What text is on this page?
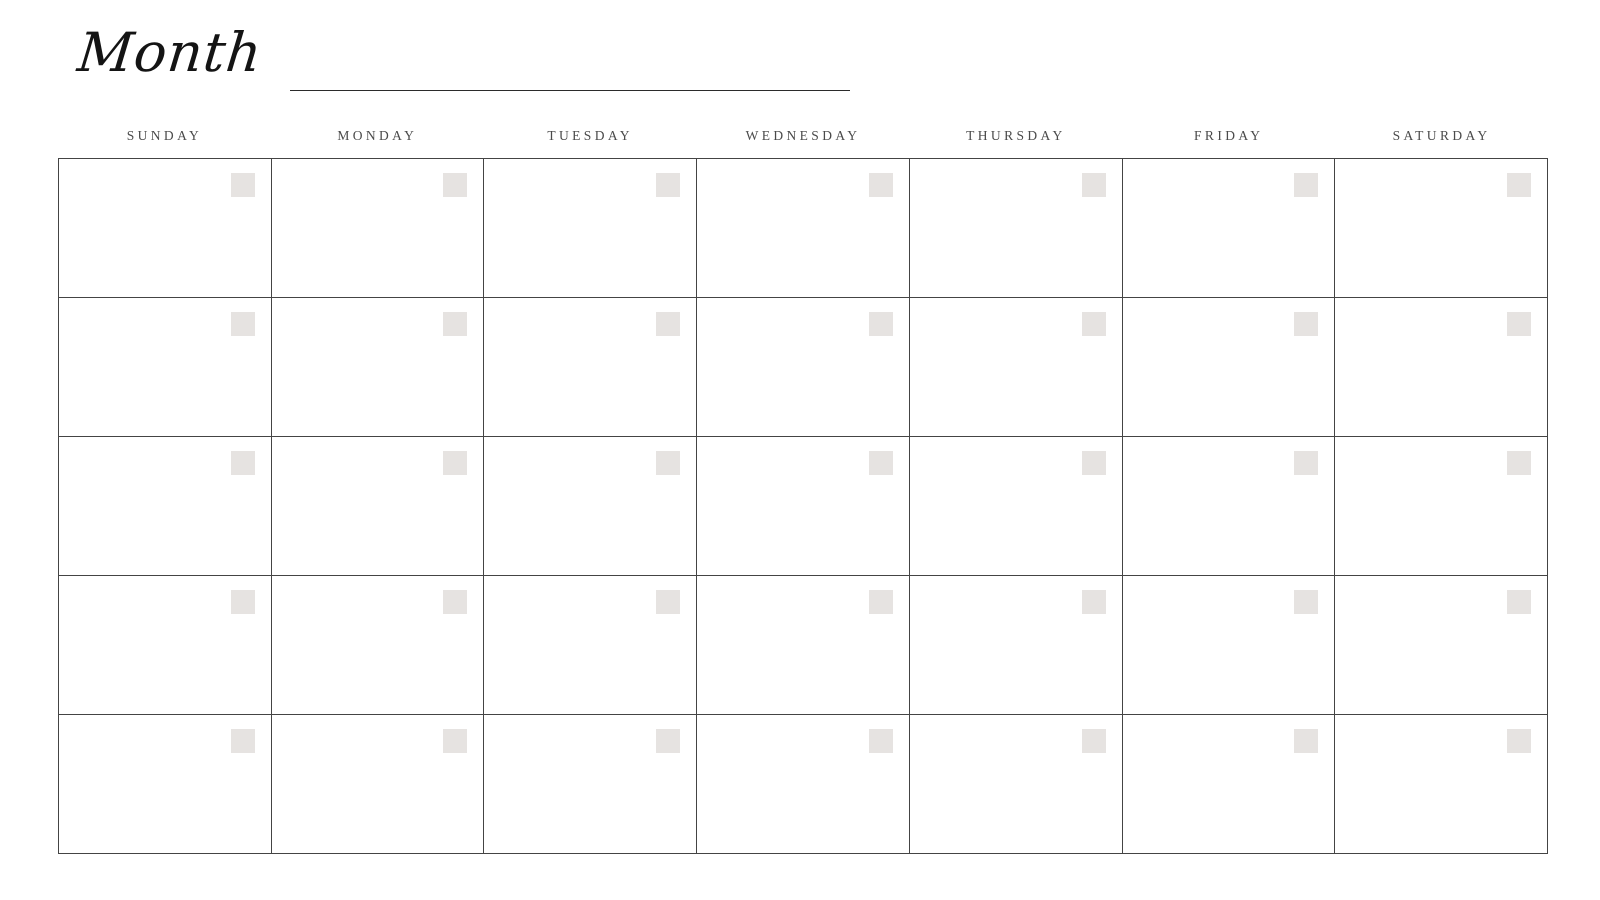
Month
SUNDAY	MONDAY	TUESDAY	WEDNESDAY	THURSDAY	FRIDAY	SATURDAY
